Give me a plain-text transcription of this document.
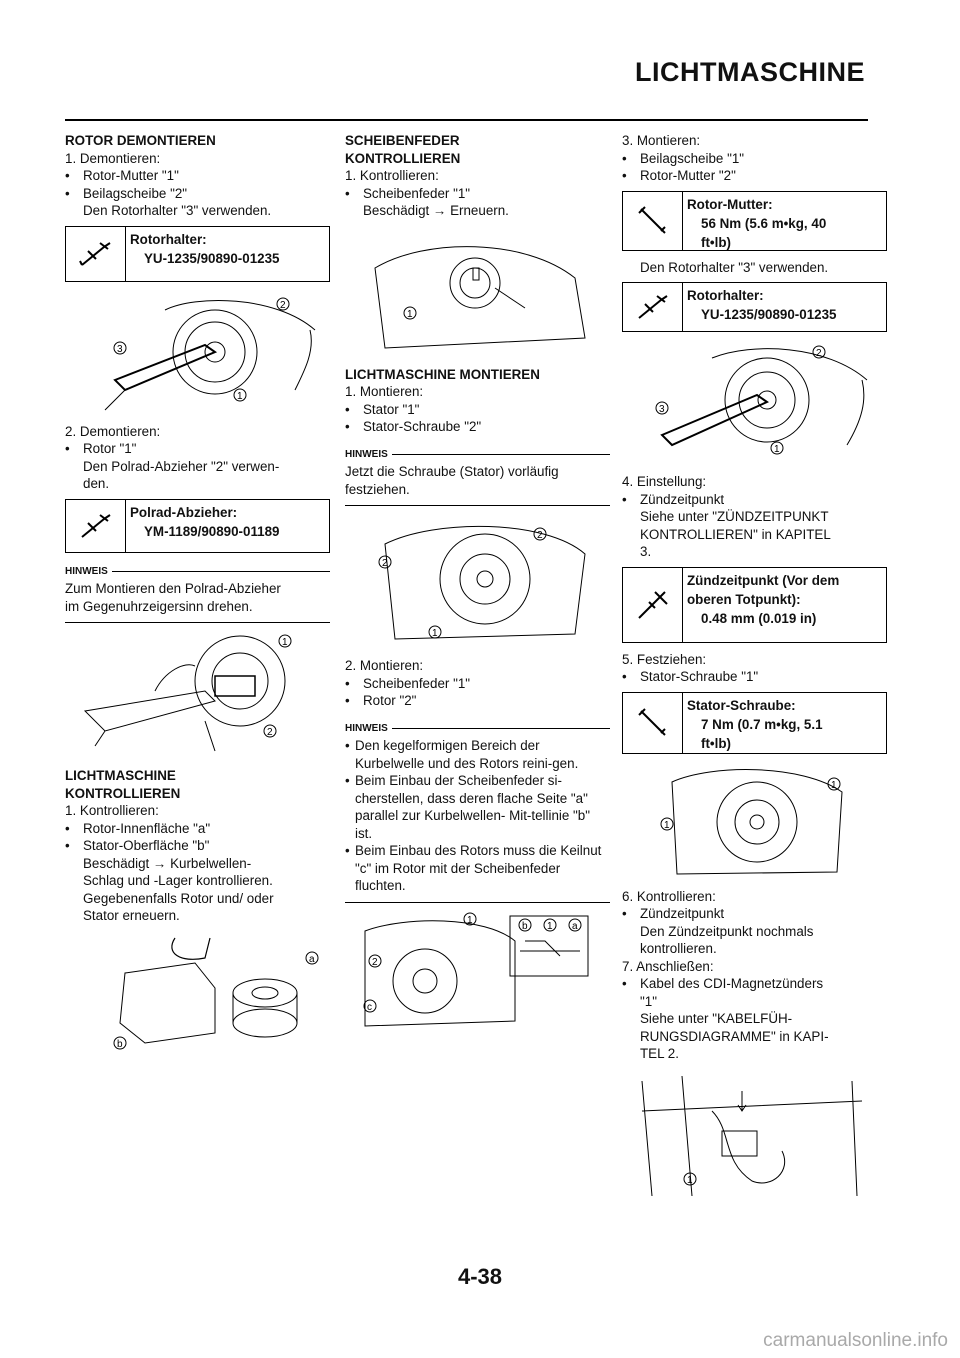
LICHTMASCHINE
ROTOR DEMONTIEREN
1. Demontieren:
• Rotor-Mutter "1"
• Beilagscheibe "2"
Den Rotorhalter "3" verwenden.
Rotorhalter:
YU-1235/90890-01235
2
3
1
2. Demontieren:
• Rotor "1"
Den Polrad-Abzieher "2" verwen-
den.
Polrad-Abzieher:
YM-1189/90890-01189
HINWEIS
Zum Montieren den Polrad-Abzieher
im Gegenuhrzeigersinn drehen.
1
2
LICHTMASCHINE
KONTROLLIEREN
1. Kontrollieren:
• Rotor-Innenfläche "a"
• Stator-Oberfläche "b"
Beschädigt → Kurbelwellen-
Schlag und -Lager kontrollieren.
Gegebenenfalls Rotor und/ oder
Stator erneuern.
a
b
SCHEIBENFEDER
KONTROLLIEREN
1. Kontrollieren:
• Scheibenfeder "1"
Beschädigt → Erneuern.
1
LICHTMASCHINE MONTIEREN
1. Montieren:
• Stator "1"
• Stator-Schraube "2"
HINWEIS
Jetzt die Schraube (Stator) vorläufig
festziehen.
2
2
1
2. Montieren:
• Scheibenfeder "1"
• Rotor "2"
HINWEIS
• Den kegelformigen Bereich der Kurbelwelle und des Rotors reini-gen.
• Beim Einbau der Scheibenfeder si-cherstellen, dass deren flache Seite "a" parallel zur Kurbelwellen- Mit-tellinie "b" ist.
• Beim Einbau des Rotors muss die Keilnut "c" im Rotor mit der Scheibenfeder fluchten.
1
2
c
b 1 a
3. Montieren:
• Beilagscheibe "1"
• Rotor-Mutter "2"
Rotor-Mutter:
56 Nm (5.6 m•kg, 40
ft•lb)
Den Rotorhalter "3" verwenden.
Rotorhalter:
YU-1235/90890-01235
2
3
1
4. Einstellung:
• Zündzeitpunkt
Siehe unter "ZÜNDZEITPUNKT
KONTROLLIEREN" in KAPITEL
3.
Zündzeitpunkt (Vor dem
oberen Totpunkt):
0.48 mm (0.019 in)
5. Festziehen:
• Stator-Schraube "1"
Stator-Schraube:
7 Nm (0.7 m•kg, 5.1
ft•lb)
1
1
6. Kontrollieren:
• Zündzeitpunkt
Den Zündzeitpunkt nochmals
kontrollieren.
7. Anschließen:
• Kabel des CDI-Magnetzünders
"1"
Siehe unter "KABELFÜH-
RUNGSDIAGRAMME" in KAPI-
TEL 2.
1
4-38
carmanualsonline.info
